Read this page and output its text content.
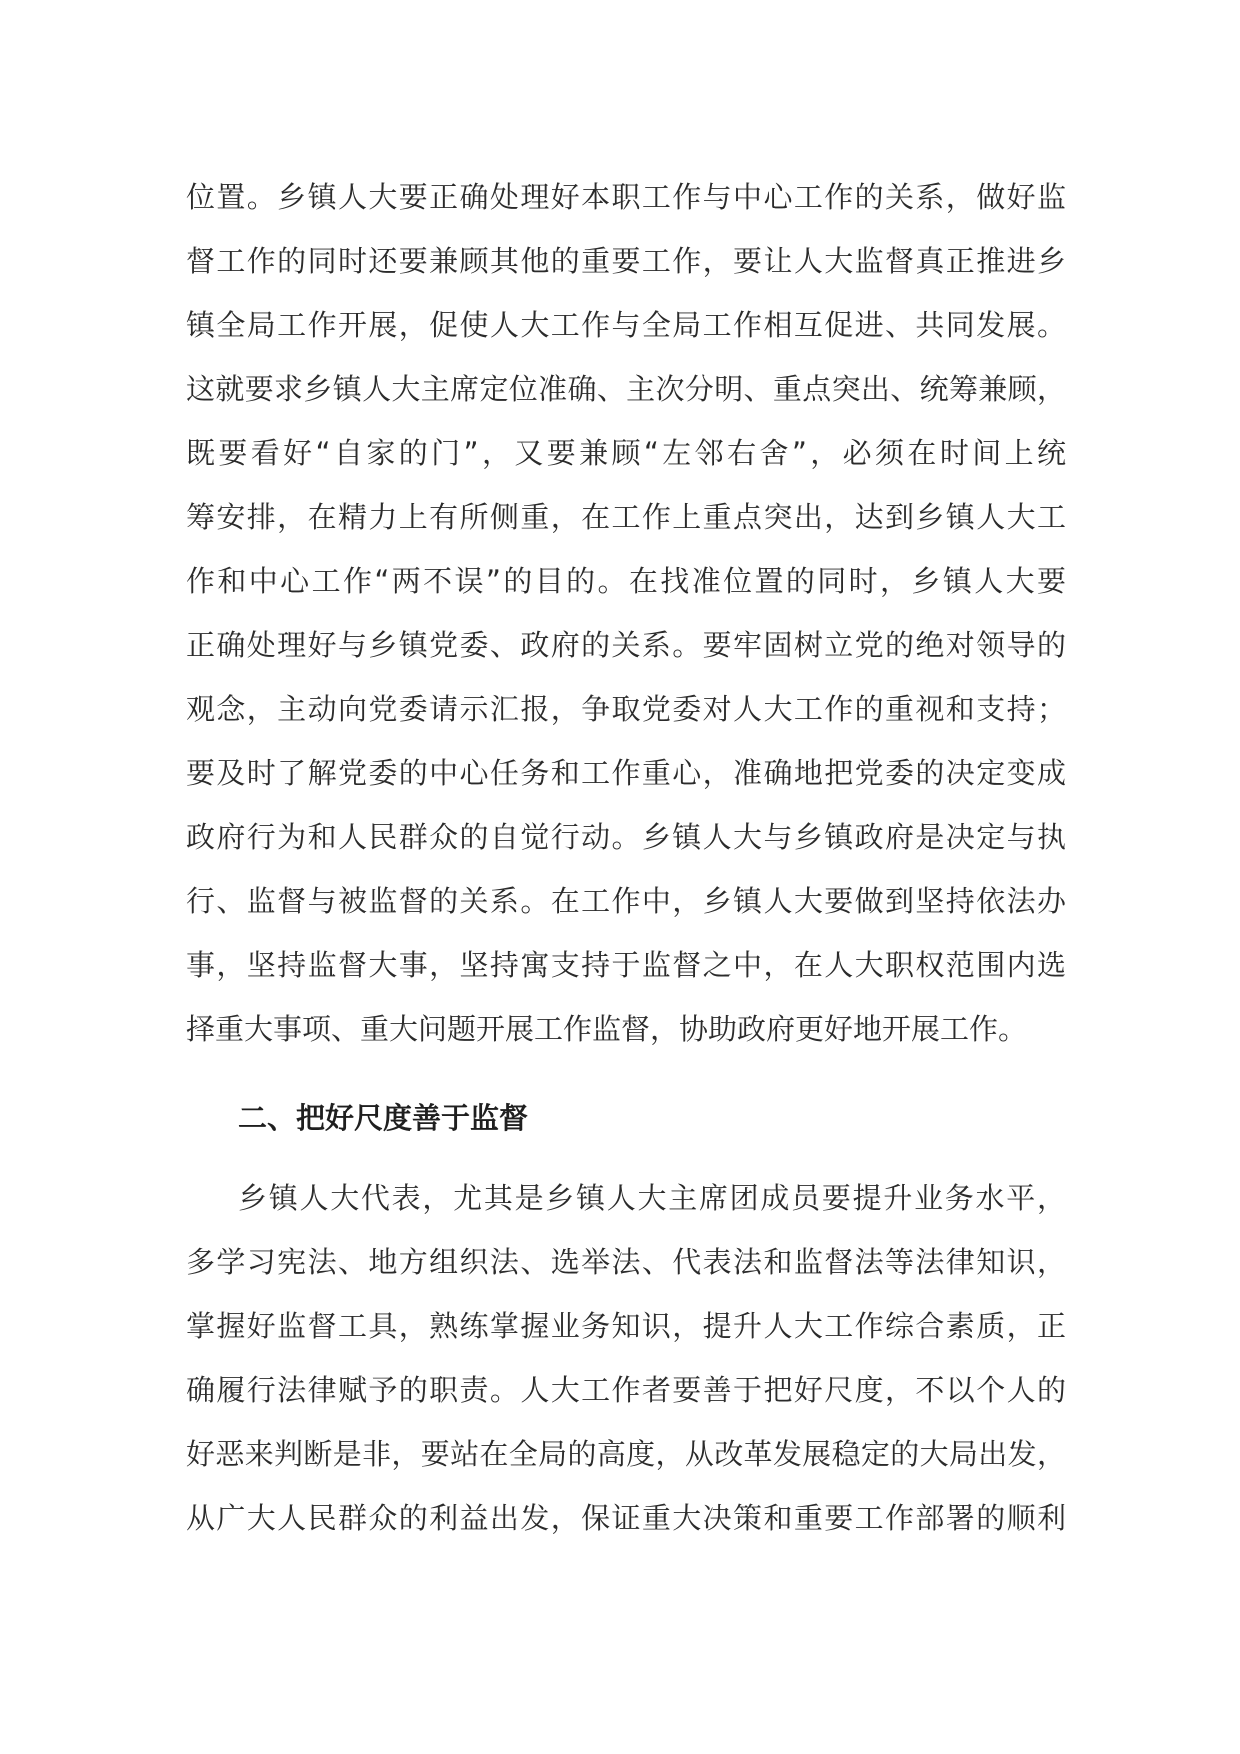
位置。乡镇人大要正确处理好本职工作与中心工作的关系，做好监
督工作的同时还要兼顾其他的重要工作，要让人大监督真正推进乡
镇全局工作开展，促使人大工作与全局工作相互促进、共同发展。
这就要求乡镇人大主席定位准确、主次分明、重点突出、统筹兼顾，
既要看好“自家的门”，又要兼顾“左邻右舍”，必须在时间上统
筹安排，在精力上有所侧重，在工作上重点突出，达到乡镇人大工
作和中心工作“两不误”的目的。在找准位置的同时，乡镇人大要
正确处理好与乡镇党委、政府的关系。要牢固树立党的绝对领导的
观念，主动向党委请示汇报，争取党委对人大工作的重视和支持；
要及时了解党委的中心任务和工作重心，准确地把党委的决定变成
政府行为和人民群众的自觉行动。乡镇人大与乡镇政府是决定与执
行、监督与被监督的关系。在工作中，乡镇人大要做到坚持依法办
事，坚持监督大事，坚持寓支持于监督之中，在人大职权范围内选
择重大事项、重大问题开展工作监督，协助政府更好地开展工作。
二、把好尺度善于监督
乡镇人大代表，尤其是乡镇人大主席团成员要提升业务水平，
多学习宪法、地方组织法、选举法、代表法和监督法等法律知识，
掌握好监督工具，熟练掌握业务知识，提升人大工作综合素质，正
确履行法律赋予的职责。人大工作者要善于把好尺度，不以个人的
好恶来判断是非，要站在全局的高度，从改革发展稳定的大局出发，
从广大人民群众的利益出发，保证重大决策和重要工作部署的顺利
